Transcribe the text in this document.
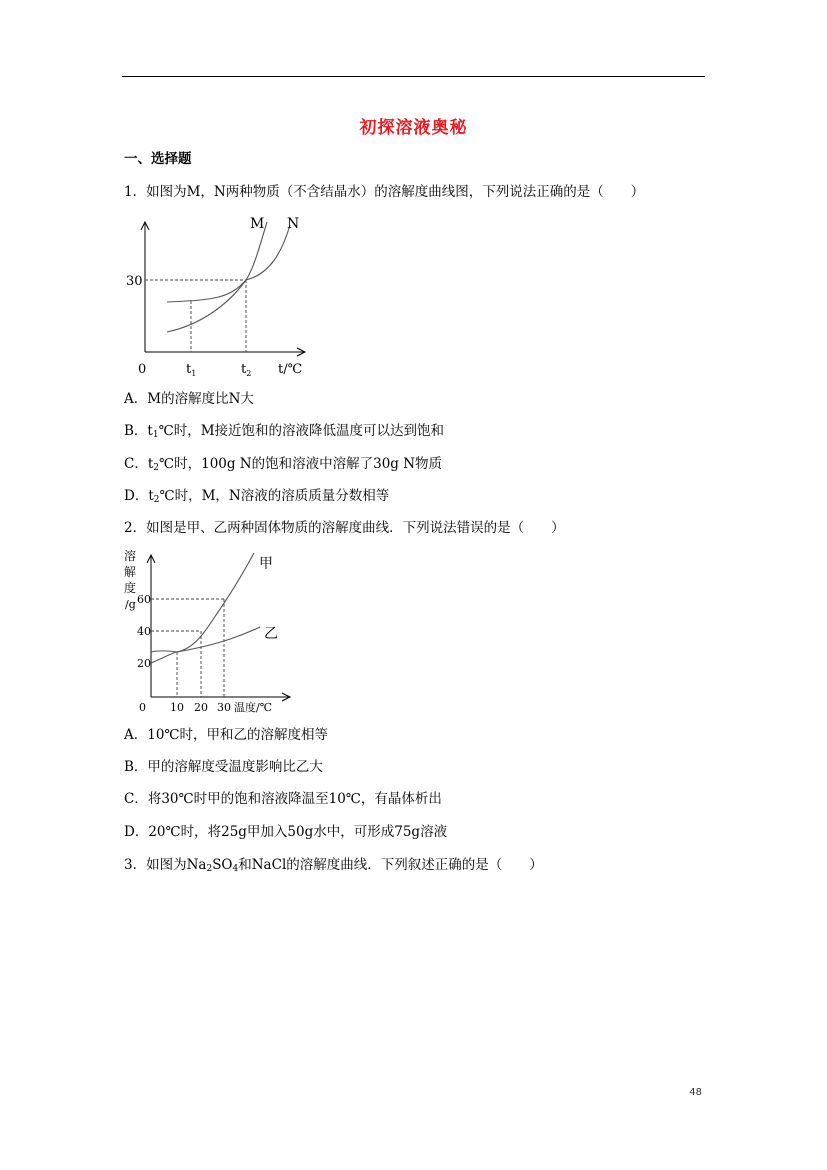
初探溶液奥秘
一、选择题
1．如图为M，N两种物质（不含结晶水）的溶解度曲线图，下列说法正确的是（　　）
M N
30
0	$t_1$	$t_2$ t/℃
A．M的溶解度比N大
B．$t_1℃$时，M接近饱和的溶液降低温度可以达到饱和
C．$t_2℃$时，100g N的饱和溶液中溶解了30g N物质
D．$t_2℃$时，M，N溶液的溶质质量分数相等
2．如图是甲、乙两种固体物质的溶解度曲线．下列说法错误的是（　　）
甲
乙
溶
解
度
/g 60
40
20
0 10 20 30 温度/℃
A．10℃时，甲和乙的溶解度相等
B．甲的溶解度受温度影响比乙大
C．将30℃时甲的饱和溶液降温至10℃，有晶体析出
D．20℃时，将25g甲加入50g水中，可形成75g溶液
3．如图为$Na_2SO_4$和NaCl的溶解度曲线．下列叙述正确的是（　　）
48
